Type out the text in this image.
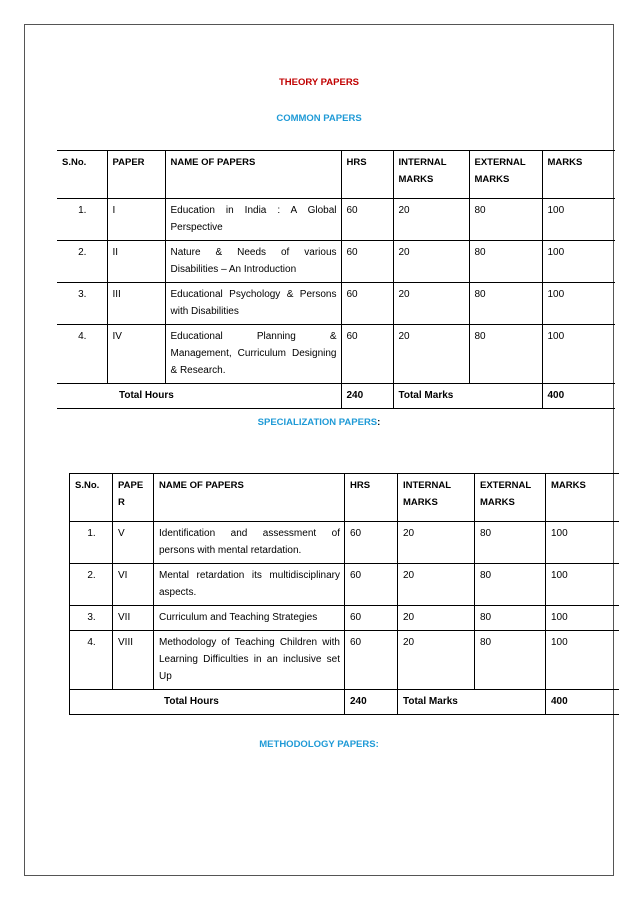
THEORY PAPERS
COMMON PAPERS
S.No.	PAPER	NAME OF PAPERS	HRS	INTERNAL MARKS	EXTERNAL MARKS	MARKS
1.	I	Education in India : A Global Perspective	60	20	80	100
2.	II	Nature & Needs of various Disabilities – An Introduction	60	20	80	100
3.	III	Educational Psychology & Persons with Disabilities	60	20	80	100
4.	IV	Educational Planning & Management, Curriculum Designing & Research.	60	20	80	100
Total Hours			240	Total Marks		400
SPECIALIZATION PAPERS:
S.No.	PAPE R	NAME OF PAPERS	HRS	INTERNAL MARKS	EXTERNAL MARKS	MARKS
1.	V	Identification and assessment of persons with mental retardation.	60	20	80	100
2.	VI	Mental retardation its multidisciplinary aspects.	60	20	80	100
3.	VII	Curriculum and Teaching Strategies	60	20	80	100
4.	VIII	Methodology of Teaching Children with Learning Difficulties in an inclusive set Up	60	20	80	100
Total Hours			240	Total Marks		400
METHODOLOGY PAPERS:
